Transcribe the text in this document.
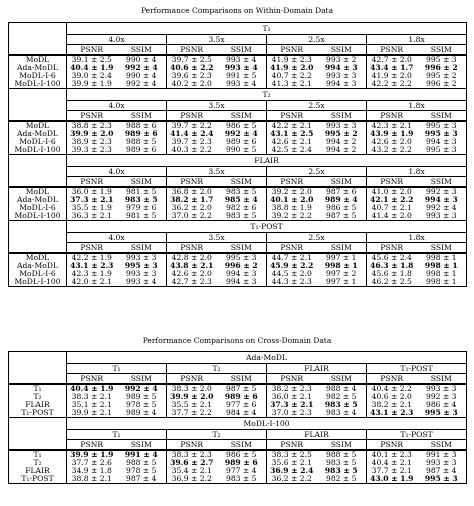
Performance Comparisons on Within-Domain Data
	T₁							
	4.0x		3.5x		2.5x		1.8x	
	PSNR	SSIM	PSNR	SSIM	PSNR	SSIM	PSNR	SSIM
MoDL	39.1 ± 2.5	990 ± 4	39.7 ± 2.5	993 ± 4	41.9 ± 2.3	993 ± 2	42.7 ± 2.0	995 ± 3
Ada-MoDL	40.4 ± 1.9	992 ± 4	40.6 ± 2.2	993 ± 4	41.9 ± 2.0	994 ± 3	43.4 ± 1.7	996 ± 2
MoDL-I-6	39.0 ± 2.4	990 ± 4	39.6 ± 2.3	991 ± 5	40.7 ± 2.2	993 ± 3	41.9 ± 2.0	995 ± 2
MoDL-I-100	39.9 ± 1.9	992 ± 4	40.2 ± 2.0	993 ± 4	41.3 ± 2.1	994 ± 3	42.2 ± 2.2	996 ± 2
	T₂							
	4.0x		3.5x		2.5x		1.8x	
	PSNR	SSIM	PSNR	SSIM	PSNR	SSIM	PSNR	SSIM
MoDL	38.8 ± 2.3	988 ± 6	39.7 ± 2.2	986 ± 5	42.2 ± 2.1	993 ± 3	42.3 ± 2.1	995 ± 3
Ada-MoDL	39.9 ± 2.0	989 ± 6	41.4 ± 2.4	992 ± 4	43.1 ± 2.5	995 ± 2	43.9 ± 1.9	995 ± 3
MoDL-I-6	38.9 ± 2.3	988 ± 5	39.7 ± 2.3	989 ± 6	42.6 ± 2.1	994 ± 2	42.6 ± 2.0	994 ± 3
MoDL-I-100	39.3 ± 2.3	989 ± 6	40.3 ± 2.2	990 ± 5	42.5 ± 2.4	994 ± 2	43.2 ± 2.2	995 ± 3
	FLAIR							
	4.0x		3.5x		2.5x		1.8x	
	PSNR	SSIM	PSNR	SSIM	PSNR	SSIM	PSNR	SSIM
MoDL	36.0 ± 1.9	981 ± 5	36.8 ± 2.0	983 ± 5	39.2 ± 2.0	987 ± 6	41.0 ± 2.0	992 ± 3
Ada-MoDL	37.3 ± 2.1	983 ± 5	38.2 ± 1.7	985 ± 4	40.1 ± 2.0	989 ± 4	42.1 ± 2.2	994 ± 3
MoDL-I-6	35.5 ± 1.9	979 ± 6	36.2 ± 2.0	982 ± 6	38.8 ± 1.9	986 ± 5	40.7 ± 2.1	992 ± 4
MoDL-I-100	36.3 ± 2.1	981 ± 5	37.0 ± 2.2	983 ± 5	39.2 ± 2.2	987 ± 5	41.4 ± 2.0	993 ± 3
	T₁-POST							
	4.0x		3.5x		2.5x		1.8x	
	PSNR	SSIM	PSNR	SSIM	PSNR	SSIM	PSNR	SSIM
MoDL	42.2 ± 1.9	993 ± 3	42.8 ± 2.0	995 ± 3	44.7 ± 2.1	997 ± 1	45.6 ± 2.4	998 ± 1
Ada-MoDL	43.1 ± 2.3	995 ± 3	43.8 ± 2.1	996 ± 2	45.9 ± 2.2	998 ± 1	46.3 ± 1.8	998 ± 1
MoDL-I-6	42.3 ± 1.9	993 ± 3	42.6 ± 2.0	994 ± 3	44.5 ± 2.0	997 ± 2	45.6 ± 1.8	998 ± 1
MoDL-I-100	42.0 ± 2.1	993 ± 4	42.7 ± 2.3	994 ± 3	44.3 ± 2.3	997 ± 1	46.2 ± 2.5	998 ± 1
Performance Comparisons on Cross-Domain Data
	Ada-MoDL							
	T₁		T₂		FLAIR		T₁-POST	
	PSNR	SSIM	PSNR	SSIM	PSNR	SSIM	PSNR	SSIM
T₁	40.4 ± 1.9	992 ± 4	38.3 ± 2.0	987 ± 5	38.2 ± 2.3	988 ± 4	40.4 ± 2.2	993 ± 3
T₂	38.3 ± 2.1	989 ± 5	39.9 ± 2.0	989 ± 6	36.0 ± 2.1	982 ± 5	40.6 ± 2.0	992 ± 3
FLAIR	35.1 ± 2.1	978 ± 5	35.5 ± 2.1	977 ± 6	37.3 ± 2.1	983 ± 5	38.2 ± 2.1	986 ± 4
T₁-POST	39.9 ± 2.1	989 ± 4	37.7 ± 2.2	984 ± 4	37.0 ± 2.3	983 ± 4	43.1 ± 2.3	995 ± 3
	MoDL-I-100							
	T₁		T₂		FLAIR		T₁-POST	
	PSNR	SSIM	PSNR	SSIM	PSNR	SSIM	PSNR	SSIM
T₁	39.9 ± 1.9	991 ± 4	38.3 ± 2.3	986 ± 5	38.3 ± 2.5	988 ± 5	40.1 ± 2.3	991 ± 3
T₂	37.7 ± 2.6	988 ± 5	39.6 ± 2.7	989 ± 6	35.6 ± 2.1	983 ± 5	40.4 ± 2.1	993 ± 3
FLAIR	34.9 ± 1.8	978 ± 5	35.4 ± 2.1	977 ± 4	36.9 ± 2.4	983 ± 5	37.7 ± 2.1	987 ± 4
T₁-POST	38.8 ± 2.1	987 ± 4	36.9 ± 2.2	983 ± 5	36.2 ± 2.2	982 ± 5	43.0 ± 1.9	995 ± 3
